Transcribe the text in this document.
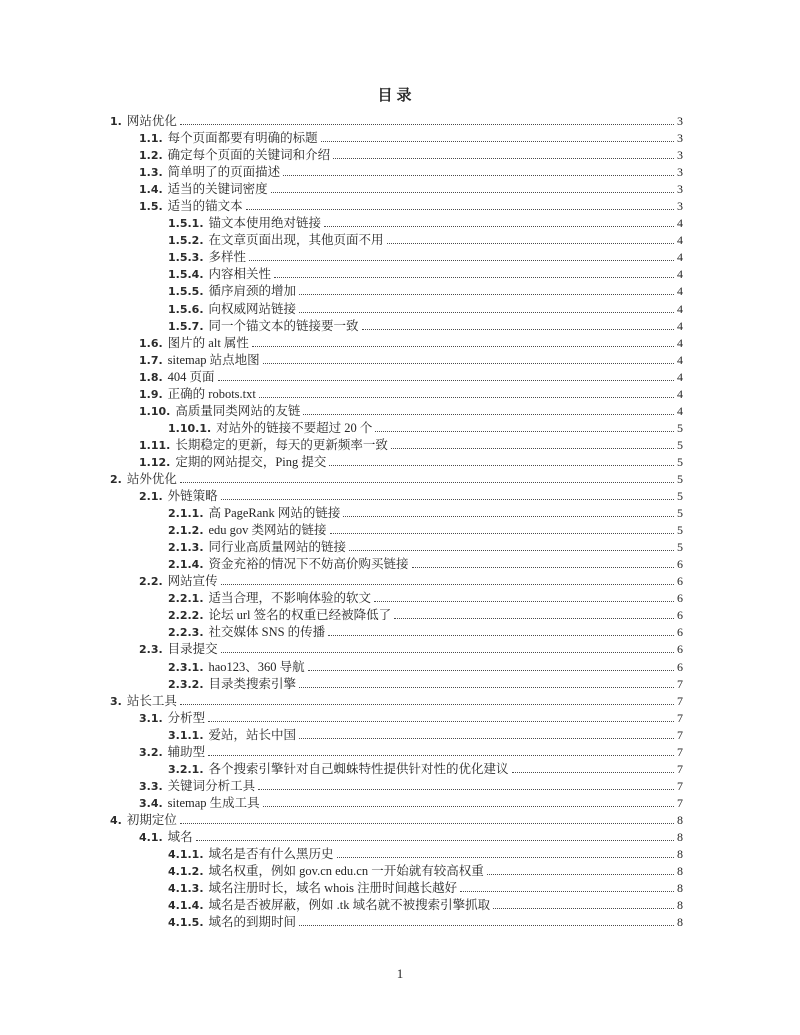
目录
1. 网站优化	3
1.1. 每个页面都要有明确的标题	3
1.2. 确定每个页面的关键词和介绍	3
1.3. 简单明了的页面描述	3
1.4. 适当的关键词密度	3
1.5. 适当的锚文本	3
1.5.1. 锚文本使用绝对链接	4
1.5.2. 在文章页面出现，其他页面不用	4
1.5.3. 多样性	4
1.5.4. 内容相关性	4
1.5.5. 循序肩颈的增加	4
1.5.6. 向权威网站链接	4
1.5.7. 同一个锚文本的链接要一致	4
1.6. 图片的 alt 属性	4
1.7. sitemap 站点地图	4
1.8. 404 页面	4
1.9. 正确的 robots.txt	4
1.10. 高质量同类网站的友链	4
1.10.1. 对站外的链接不要超过 20 个	5
1.11. 长期稳定的更新，每天的更新频率一致	5
1.12. 定期的网站提交，Ping 提交	5
2. 站外优化	5
2.1. 外链策略	5
2.1.1. 高 PageRank 网站的链接	5
2.1.2. edu gov 类网站的链接	5
2.1.3. 同行业高质量网站的链接	5
2.1.4. 资金充裕的情况下不妨高价购买链接	6
2.2. 网站宣传	6
2.2.1. 适当合理，不影响体验的软文	6
2.2.2. 论坛 url 签名的权重已经被降低了	6
2.2.3. 社交媒体 SNS 的传播	6
2.3. 目录提交	6
2.3.1. hao123、360 导航	6
2.3.2. 目录类搜索引擎	7
3. 站长工具	7
3.1. 分析型	7
3.1.1. 爱站，站长中国	7
3.2. 辅助型	7
3.2.1. 各个搜索引擎针对自己蜘蛛特性提供针对性的优化建议	7
3.3. 关键词分析工具	7
3.4. sitemap 生成工具	7
4. 初期定位	8
4.1. 域名	8
4.1.1. 域名是否有什么黑历史	8
4.1.2. 域名权重，例如 gov.cn edu.cn 一开始就有较高权重	8
4.1.3. 域名注册时长，域名 whois 注册时间越长越好	8
4.1.4. 域名是否被屏蔽，例如 .tk 域名就不被搜索引擎抓取	8
4.1.5. 域名的到期时间	8
1
